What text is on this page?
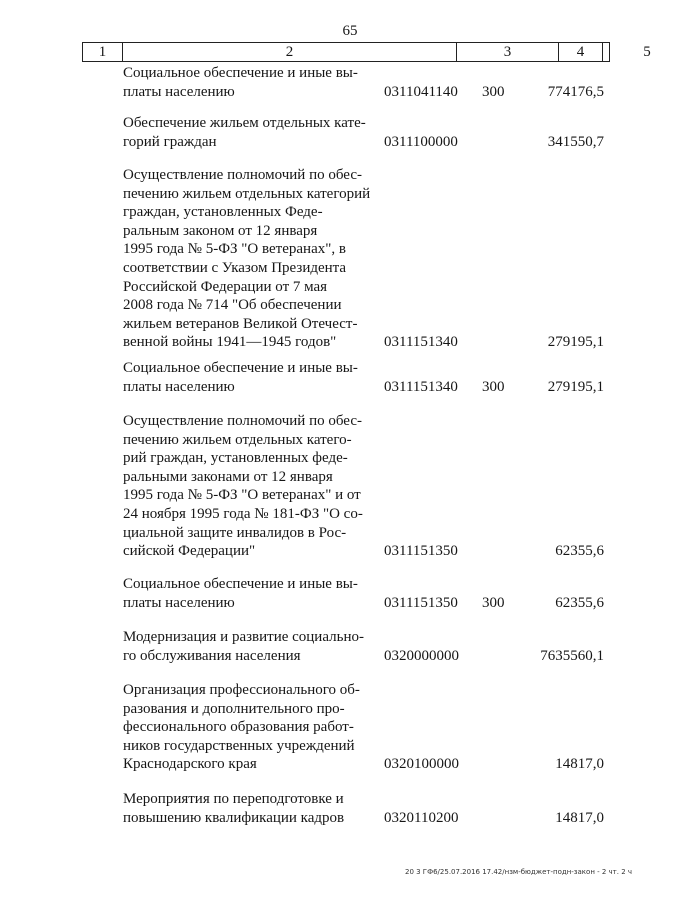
65
1	2	3	4	5
Социальное обеспечение и иные вы-
платы населению	0311041140 300	774176,5
Обеспечение жильем отдельных кате-
горий граждан	0311100000	341550,7
Осуществление полномочий по обес-
печению жильем отдельных категорий
граждан, установленных Феде-
ральным законом от 12 января
1995 года № 5-ФЗ "О ветеранах", в
соответствии с Указом Президента
Российской Федерации от 7 мая
2008 года № 714 "Об обеспечении
жильем ветеранов Великой Отечест-
венной войны 1941—1945 годов"	0311151340	279195,1
Социальное обеспечение и иные вы-
платы населению	0311151340 300	279195,1
Осуществление полномочий по обес-
печению жильем отдельных катего-
рий граждан, установленных феде-
ральными законами от 12 января
1995 года № 5-ФЗ "О ветеранах" и от
24 ноября 1995 года № 181-ФЗ "О со-
циальной защите инвалидов в Рос-
сийской Федерации"	0311151350	62355,6
Социальное обеспечение и иные вы-
платы населению	0311151350 300	62355,6
Модернизация и развитие социально-
го обслуживания населения	0320000000	7635560,1
Организация профессионального об-
разования и дополнительного про-
фессионального образования работ-
ников государственных учреждений
Краснодарского края	0320100000	14817,0
Мероприятия по переподготовке и
повышению квалификации кадров	0320110200	14817,0
20 3 ГФ6/25.07.2016 17.42/нзм-бюджет-подн-закон - 2 чт. 2 ч
